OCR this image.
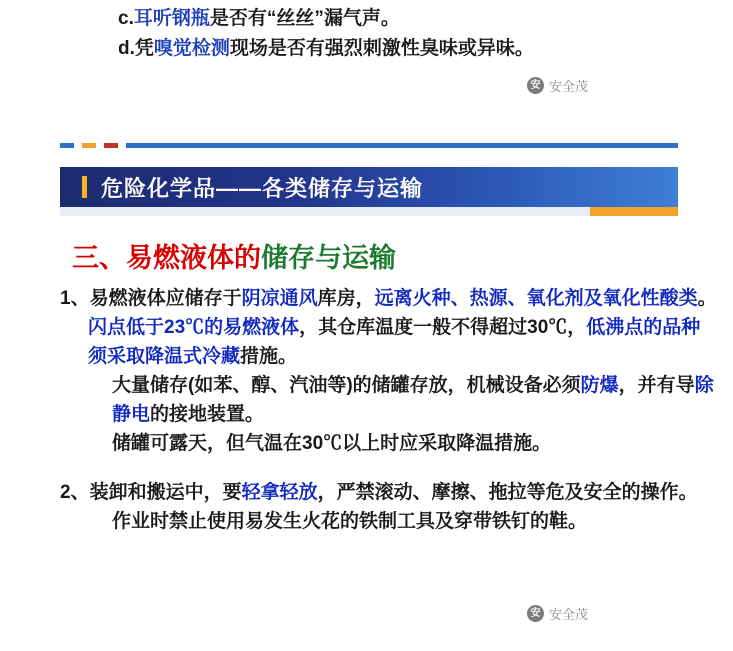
c.耳听钢瓶是否有“丝丝”漏气声。
d.凭嗅觉检测现场是否有强烈刺激性臭味或异味。
安 安全茂
安 安全茂
危险化学品——各类储存与运输
三、易燃液体的储存与运输
1、易燃液体应储存于阴凉通风库房，远离火种、热源、氧化剂及氧化性酸类。
闪点低于23℃的易燃液体，其仓库温度一般不得超过30℃，低沸点的品种须采取降温式冷藏措施。
大量储存(如苯、醇、汽油等)的储罐存放，机械设备必须防爆，并有导除静电的接地装置。
储罐可露天，但气温在30℃以上时应采取降温措施。
2、装卸和搬运中，要轻拿轻放，严禁滚动、摩擦、拖拉等危及安全的操作。
作业时禁止使用易发生火花的铁制工具及穿带铁钉的鞋。
